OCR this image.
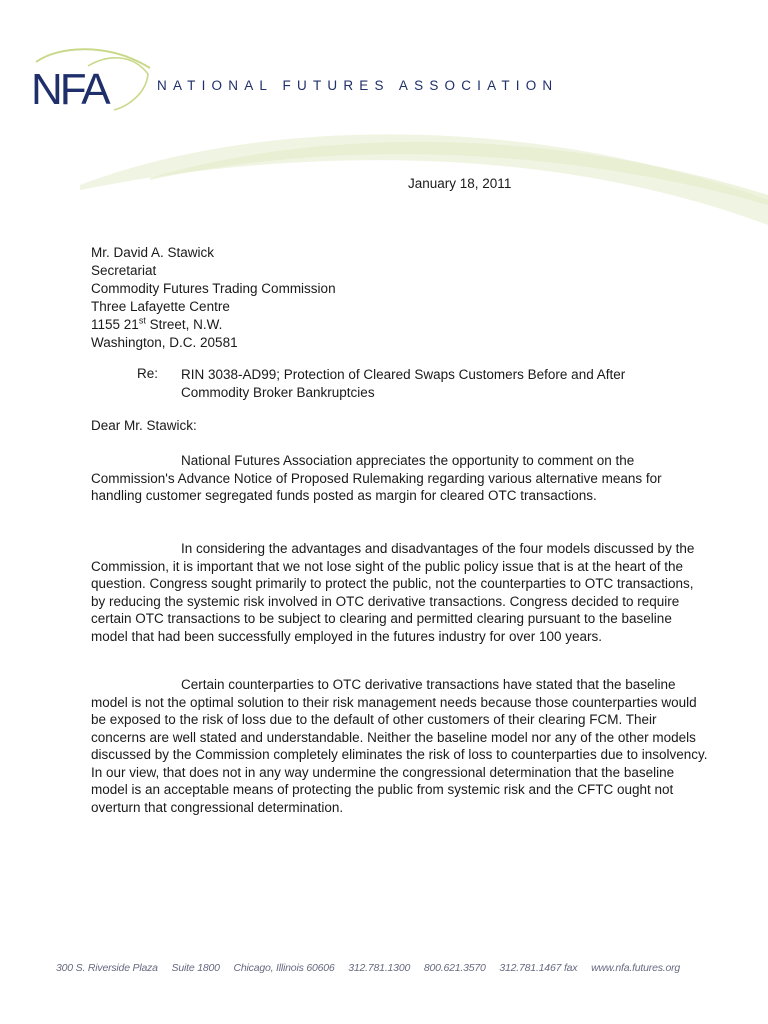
NFA	NATIONAL FUTURES ASSOCIATION
January 18, 2011
Mr. David A. Stawick
Secretariat
Commodity Futures Trading Commission
Three Lafayette Centre
1155 21st Street, N.W.
Washington, D.C. 20581
Re: RIN 3038-AD99; Protection of Cleared Swaps Customers Before and After
Commodity Broker Bankruptcies
Dear Mr. Stawick:

National Futures Association appreciates the opportunity to comment on the Commission's Advance Notice of Proposed Rulemaking regarding various alternative means for handling customer segregated funds posted as margin for cleared OTC transactions.

In considering the advantages and disadvantages of the four models discussed by the Commission, it is important that we not lose sight of the public policy issue that is at the heart of the question. Congress sought primarily to protect the public, not the counterparties to OTC transactions, by reducing the systemic risk involved in OTC derivative transactions. Congress decided to require certain OTC transactions to be subject to clearing and permitted clearing pursuant to the baseline model that had been successfully employed in the futures industry for over 100 years.

Certain counterparties to OTC derivative transactions have stated that the baseline model is not the optimal solution to their risk management needs because those counterparties would be exposed to the risk of loss due to the default of other customers of their clearing FCM. Their concerns are well stated and understandable. Neither the baseline model nor any of the other models discussed by the Commission completely eliminates the risk of loss to counterparties due to insolvency. In our view, that does not in any way undermine the congressional determination that the baseline model is an acceptable means of protecting the public from systemic risk and the CFTC ought not overturn that congressional determination.

300 S. Riverside Plaza Suite 1800 Chicago, Illinois 60606 312.781.1300 800.621.3570 312.781.1467 fax www.nfa.futures.org
